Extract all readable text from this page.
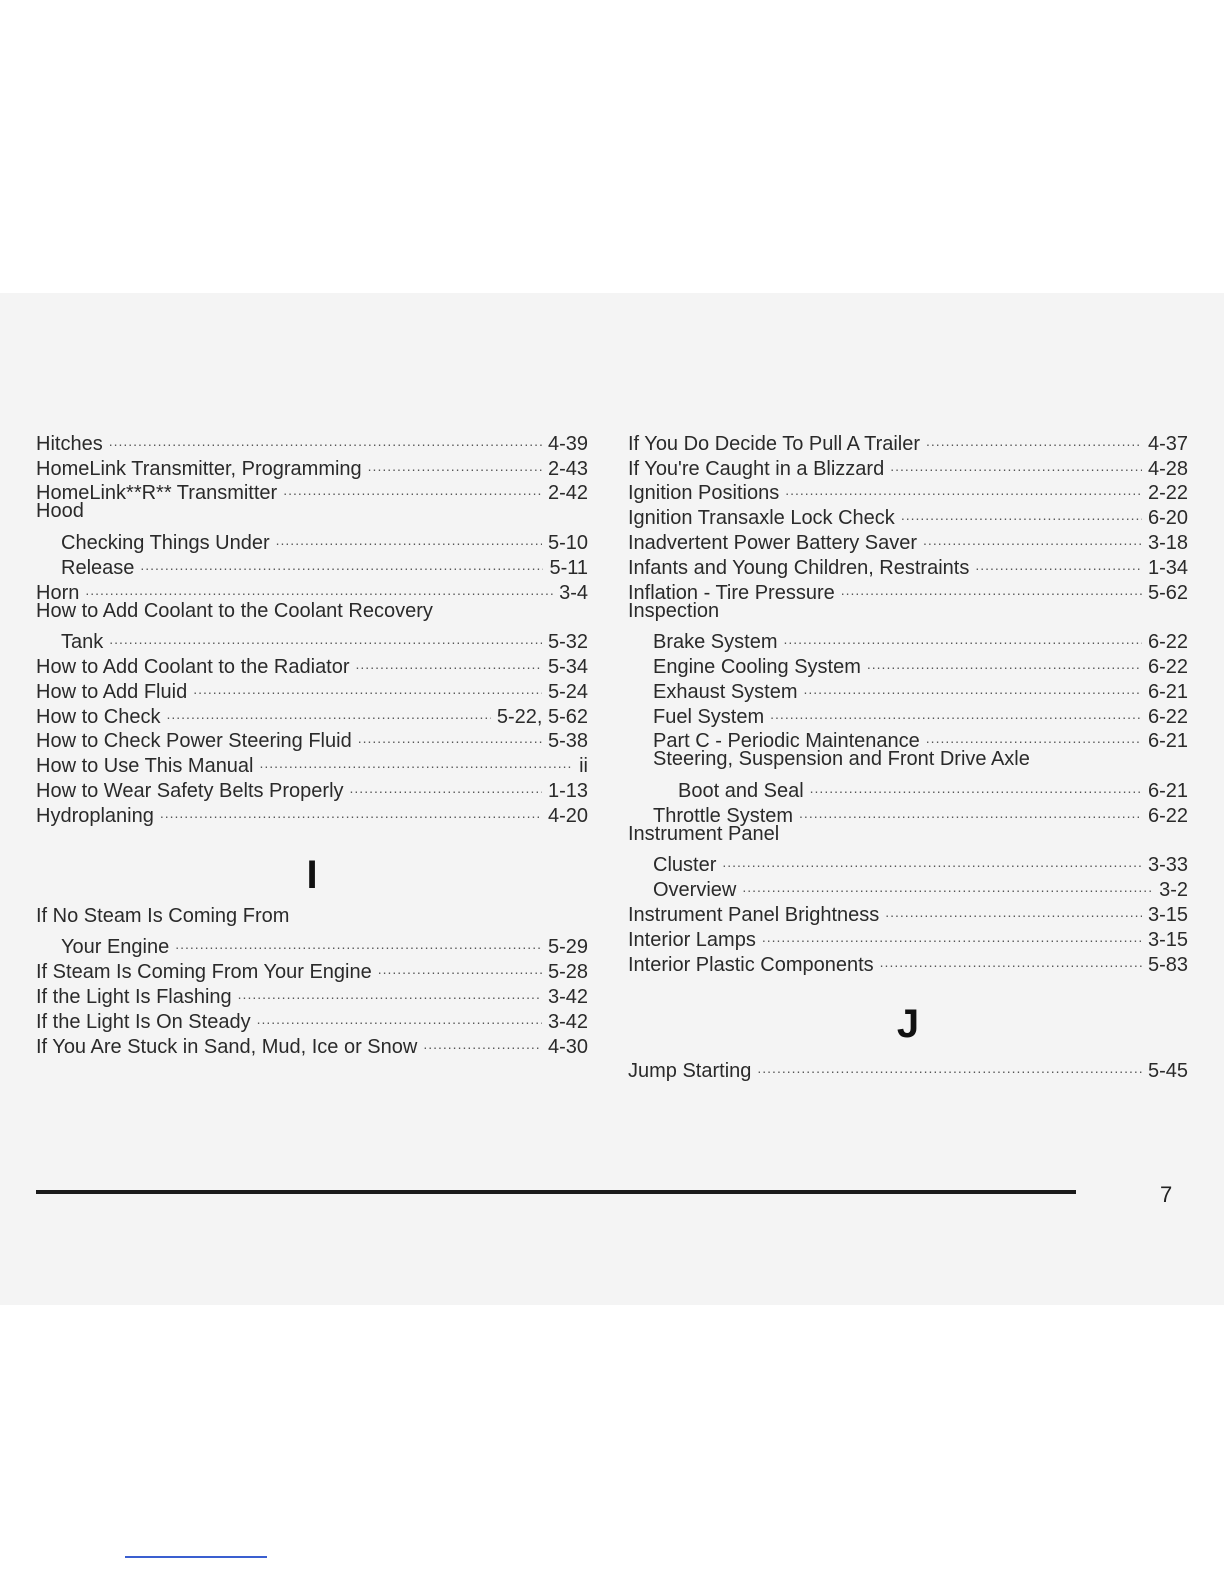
Hitches .....	4-39
HomeLink Transmitter, Programming .....	2-43
HomeLink**R** Transmitter .....	2-42
Hood
Checking Things Under .....	5-10
Release .....	5-11
Horn .....	3-4
How to Add Coolant to the Coolant Recovery
Tank .....	5-32
How to Add Coolant to the Radiator .....	5-34
How to Add Fluid .....	5-24
How to Check .....	5-22, 5-62
How to Check Power Steering Fluid .....	5-38
How to Use This Manual .....	ii
How to Wear Safety Belts Properly .....	1-13
Hydroplaning .....	4-20
I
If No Steam Is Coming From
Your Engine .....	5-29
If Steam Is Coming From Your Engine .....	5-28
If the Light Is Flashing .....	3-42
If the Light Is On Steady .....	3-42
If You Are Stuck in Sand, Mud, Ice or Snow .....	4-30
If You Do Decide To Pull A Trailer .....	4-37
If You're Caught in a Blizzard .....	4-28
Ignition Positions .....	2-22
Ignition Transaxle Lock Check .....	6-20
Inadvertent Power Battery Saver .....	3-18
Infants and Young Children, Restraints .....	1-34
Inflation - Tire Pressure .....	5-62
Inspection
Brake System .....	6-22
Engine Cooling System .....	6-22
Exhaust System .....	6-21
Fuel System .....	6-22
Part C - Periodic Maintenance .....	6-21
Steering, Suspension and Front Drive Axle
Boot and Seal .....	6-21
Throttle System .....	6-22
Instrument Panel
Cluster .....	3-33
Overview .....	3-2
Instrument Panel Brightness .....	3-15
Interior Lamps .....	3-15
Interior Plastic Components .....	5-83
J
Jump Starting .....	5-45
7
